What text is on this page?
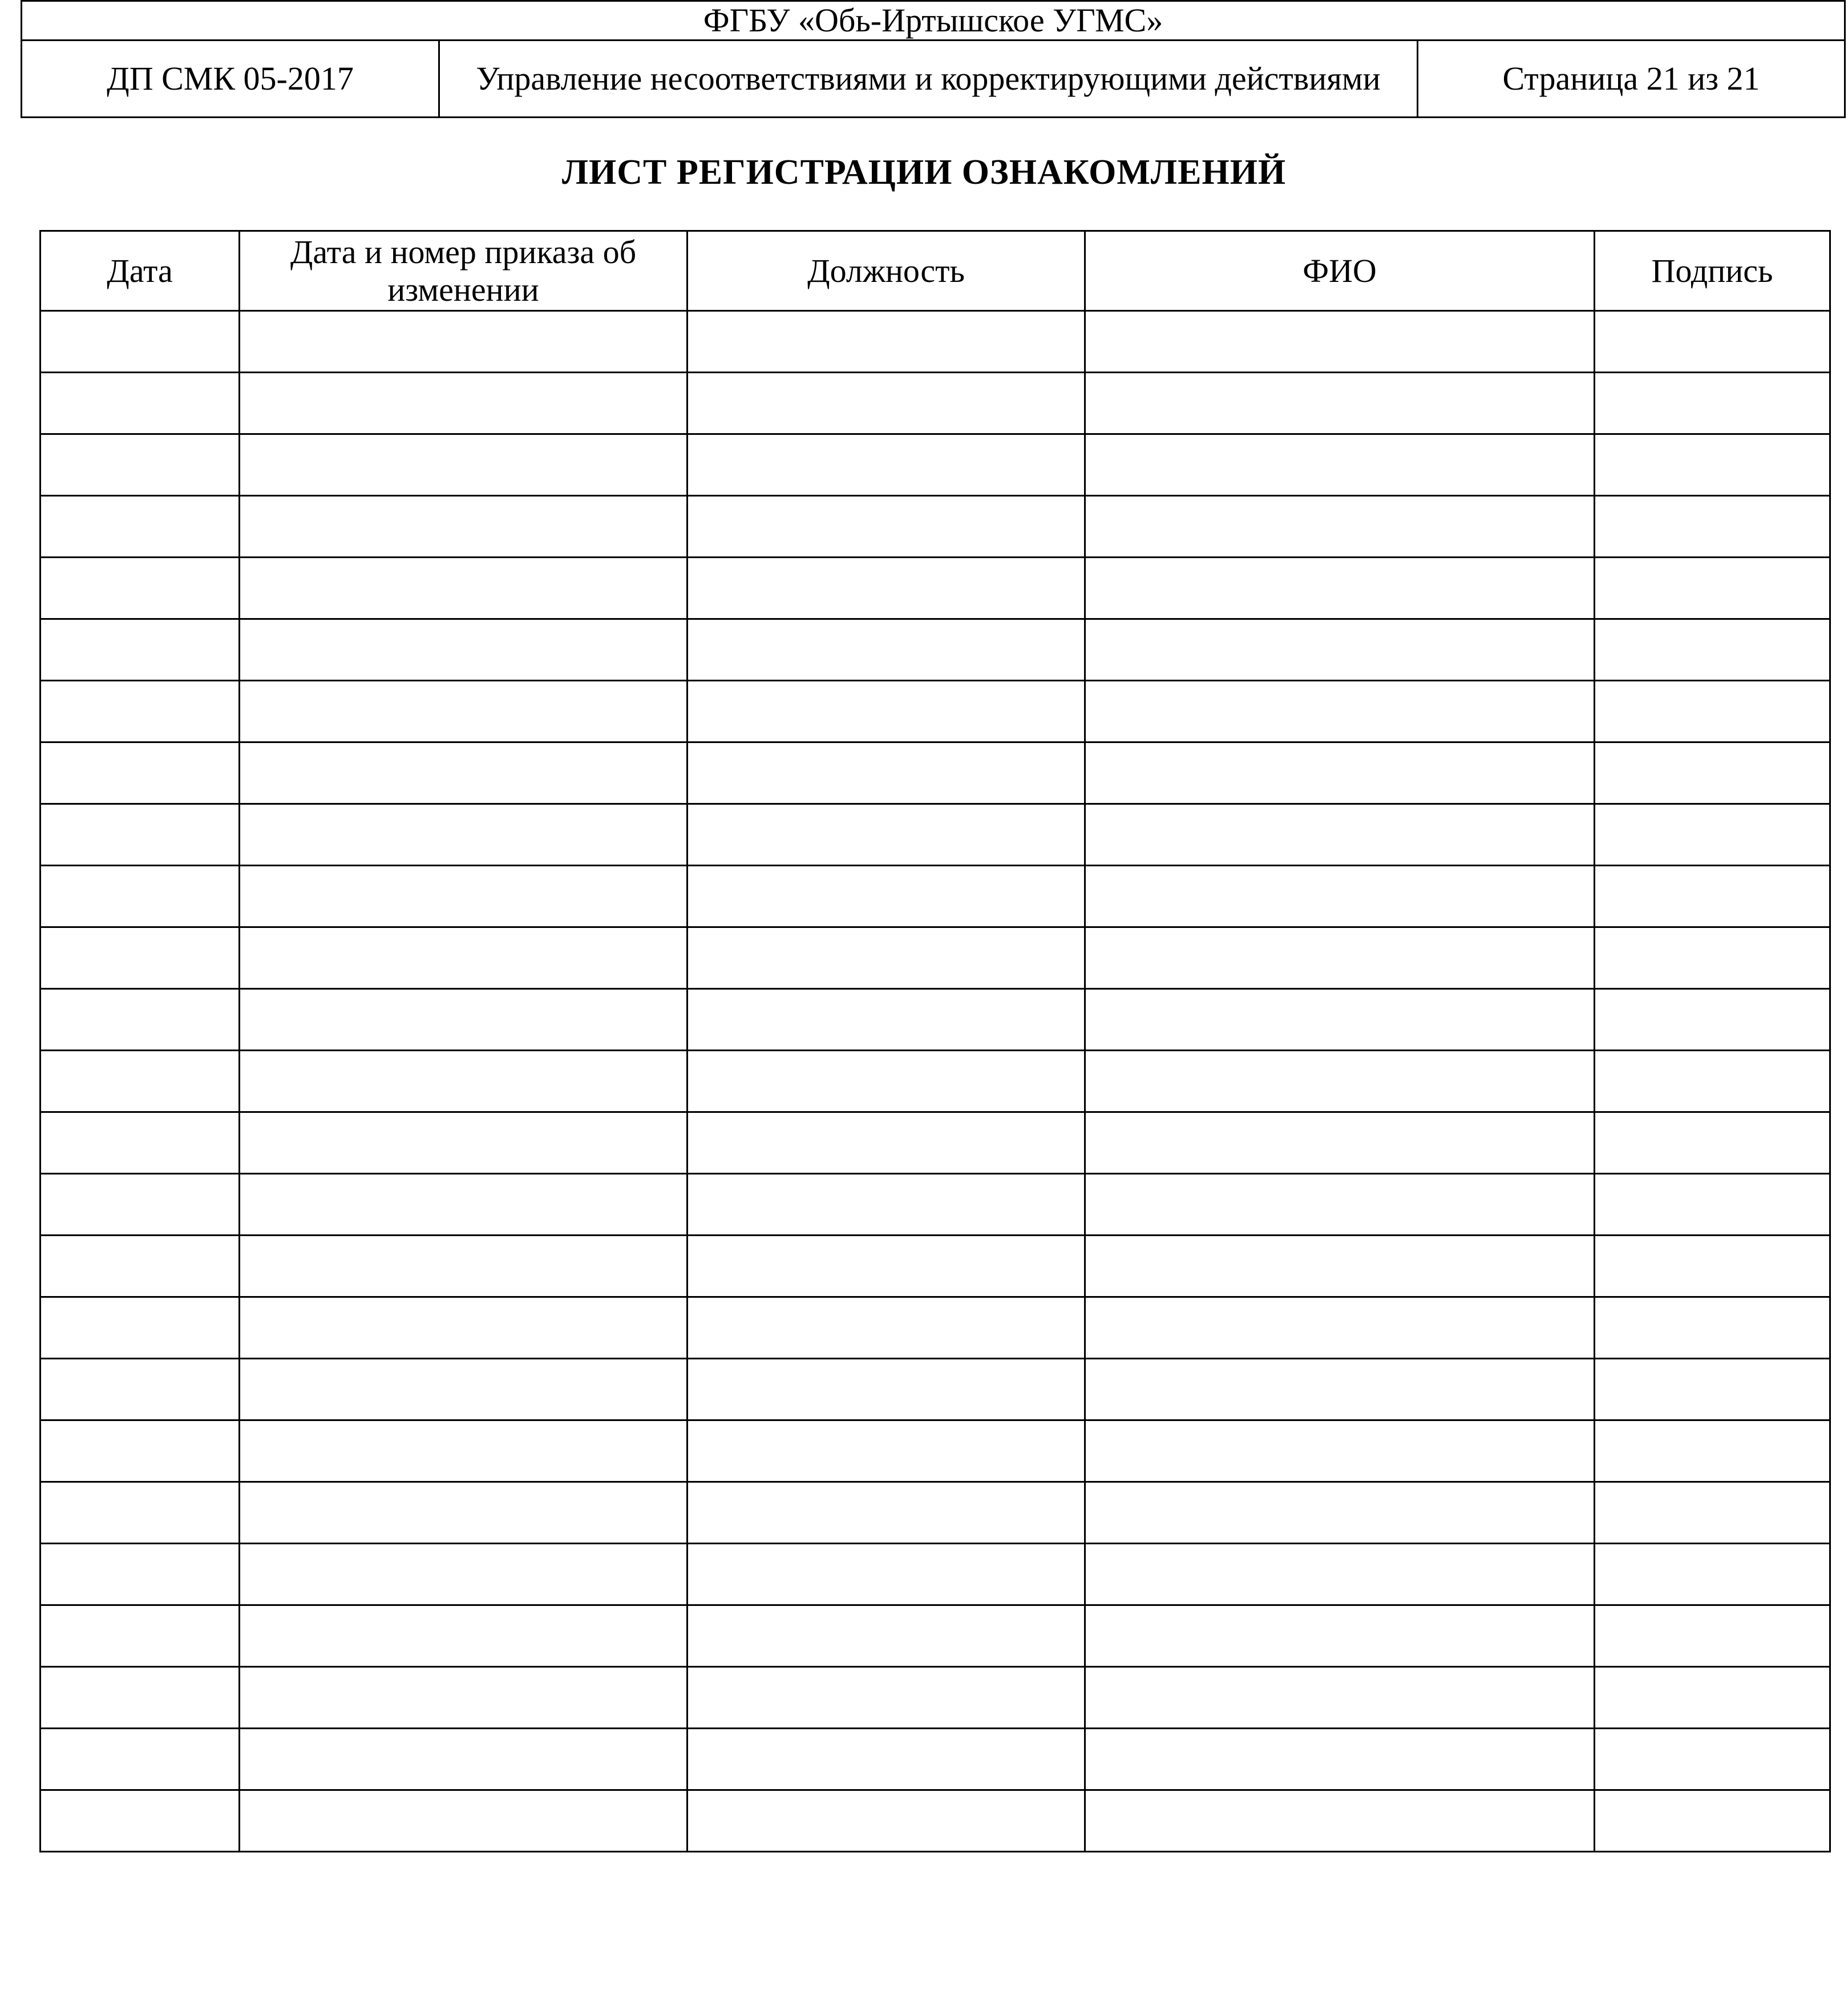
ФГБУ «Обь-Иртышское УГМС»
ДП СМК 05-2017	Управление несоответствиями и корректирующими действиями	Страница 21 из 21
ЛИСТ РЕГИСТРАЦИИ ОЗНАКОМЛЕНИЙ
Дата	Дата и номер приказа об изменении	Должность	ФИО	Подпись
